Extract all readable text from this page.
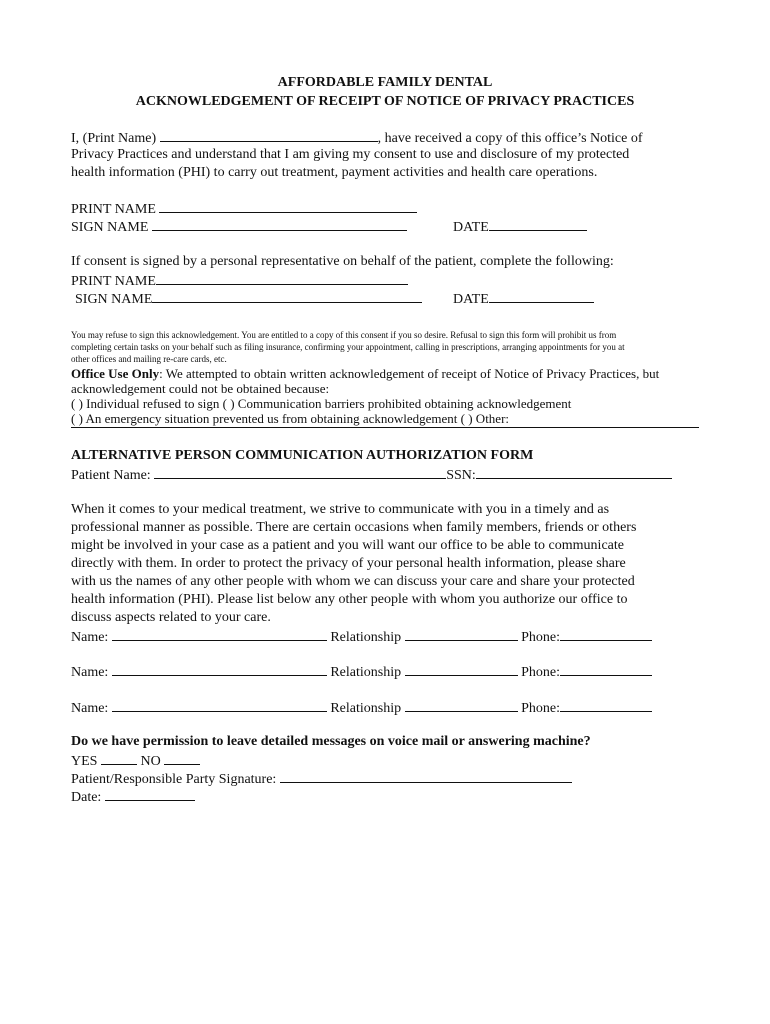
AFFORDABLE FAMILY DENTAL
ACKNOWLEDGEMENT OF RECEIPT OF NOTICE OF PRIVACY PRACTICES
I, (Print Name)	, have received a copy of this office’s Notice of
Privacy Practices and understand that I am giving my consent to use and disclosure of my protected
health information (PHI) to carry out treatment, payment activities and health care operations.
PRINT NAME
SIGN NAME	DATE
If consent is signed by a personal representative on behalf of the patient, complete the following:
PRINT NAME
SIGN NAME	DATE
You may refuse to sign this acknowledgement. You are entitled to a copy of this consent if you so desire. Refusal to sign this form will prohibit us from
completing certain tasks on your behalf such as filing insurance, confirming your appointment, calling in prescriptions, arranging appointments for you at
other offices and mailing re-care cards, etc.
Office Use Only: We attempted to obtain written acknowledgement of receipt of Notice of Privacy Practices, but
acknowledgement could not be obtained because:
( ) Individual refused to sign ( ) Communication barriers prohibited obtaining acknowledgement
( ) An emergency situation prevented us from obtaining acknowledgement ( ) Other:
ALTERNATIVE PERSON COMMUNICATION AUTHORIZATION FORM
Patient Name:	SSN:
When it comes to your medical treatment, we strive to communicate with you in a timely and as
professional manner as possible. There are certain occasions when family members, friends or others
might be involved in your case as a patient and you will want our office to be able to communicate
directly with them. In order to protect the privacy of your personal health information, please share
with us the names of any other people with whom we can discuss your care and share your protected
health information (PHI). Please list below any other people with whom you authorize our office to
discuss aspects related to your care.
Name:	Relationship	Phone:
Name:	Relationship	Phone:
Name:	Relationship	Phone:
Do we have permission to leave detailed messages on voice mail or answering machine?
YES	NO
Patient/Responsible Party Signature:
Date:
